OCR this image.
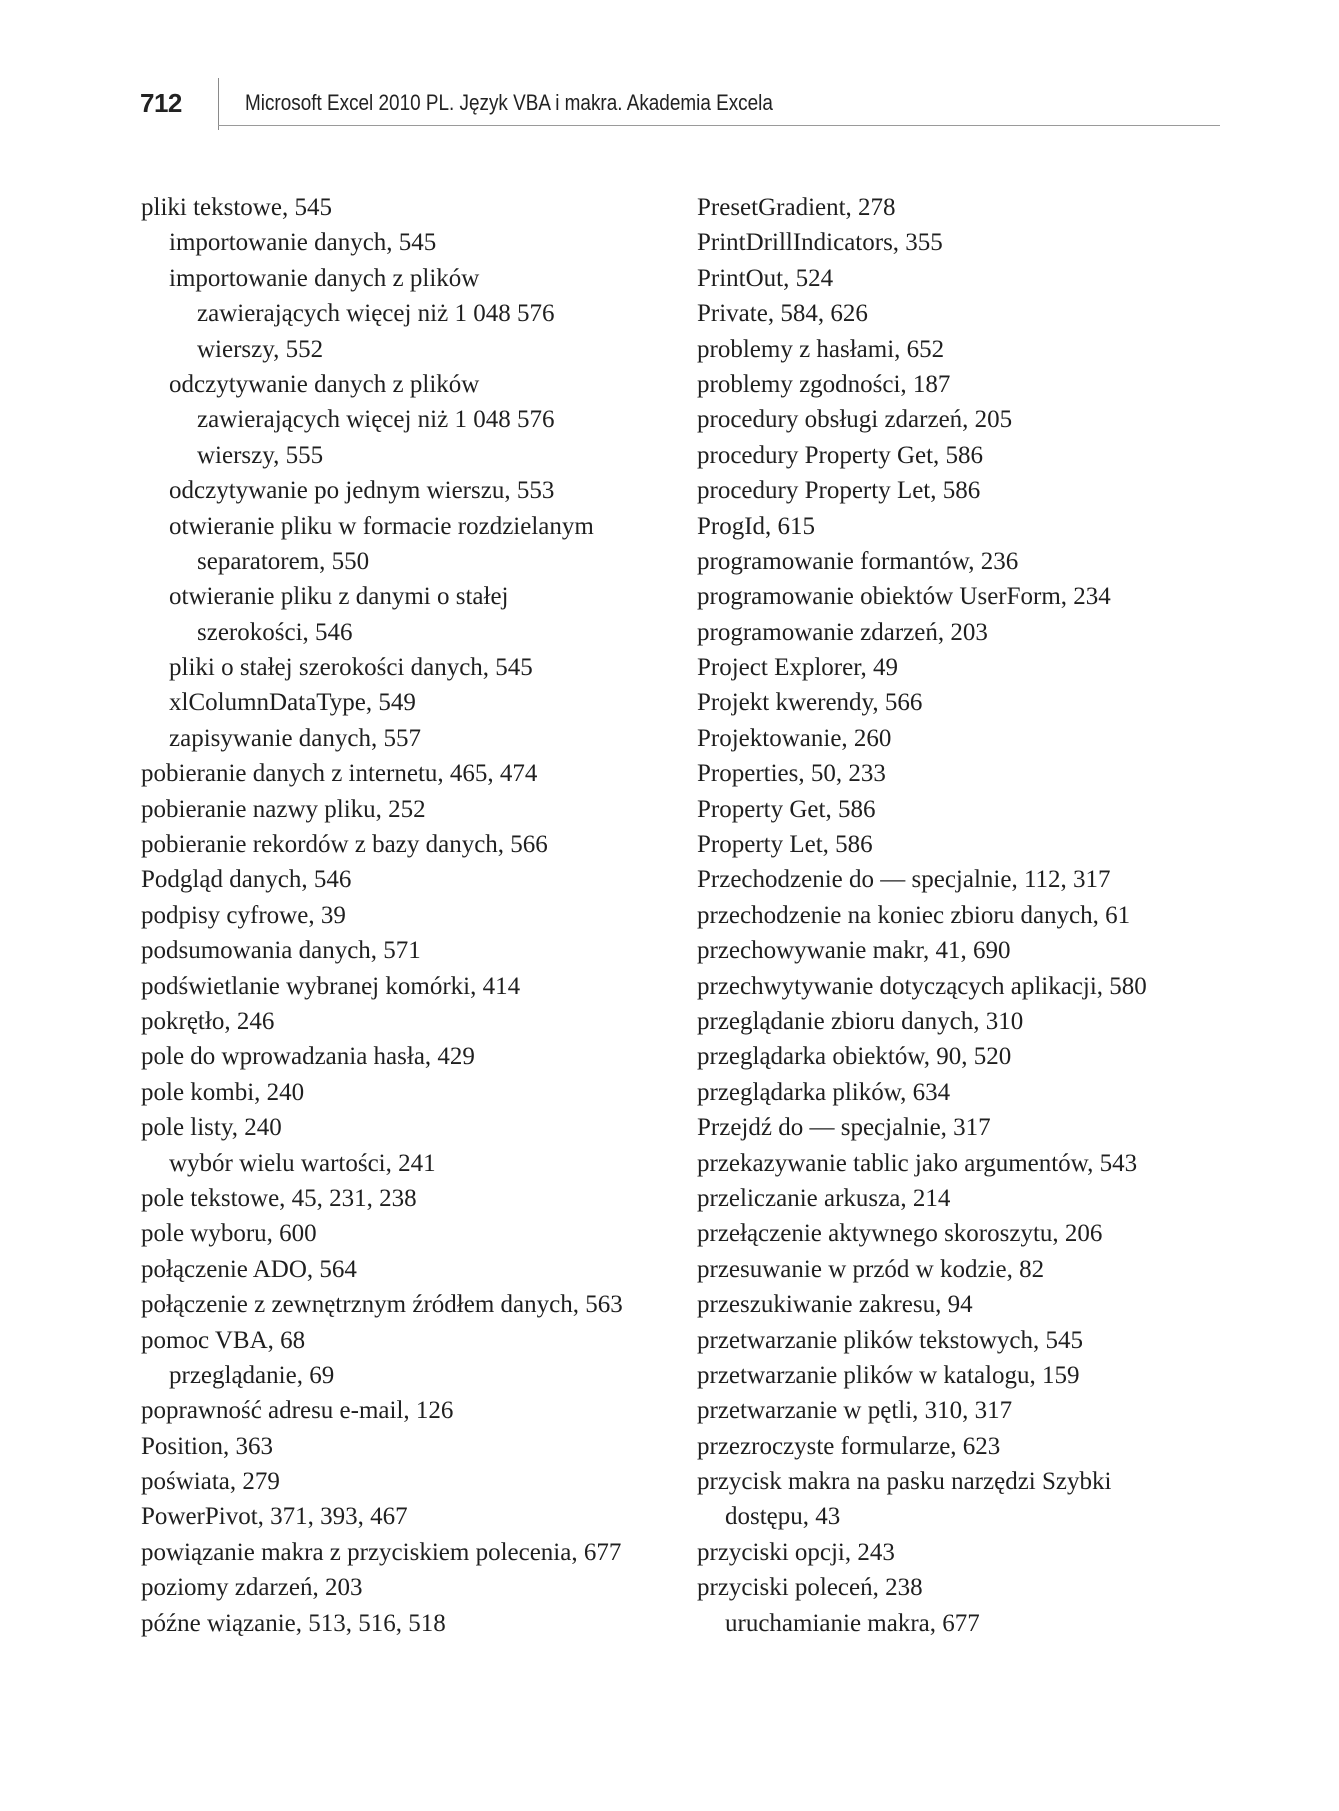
712	Microsoft Excel 2010 PL. Język VBA i makra. Akademia Excela
pliki tekstowe, 545
importowanie danych, 545
importowanie danych z plików
zawierających więcej niż 1 048 576
wierszy, 552
odczytywanie danych z plików
zawierających więcej niż 1 048 576
wierszy, 555
odczytywanie po jednym wierszu, 553
otwieranie pliku w formacie rozdzielanym
separatorem, 550
otwieranie pliku z danymi o stałej
szerokości, 546
pliki o stałej szerokości danych, 545
xlColumnDataType, 549
zapisywanie danych, 557
pobieranie danych z internetu, 465, 474
pobieranie nazwy pliku, 252
pobieranie rekordów z bazy danych, 566
Podgląd danych, 546
podpisy cyfrowe, 39
podsumowania danych, 571
podświetlanie wybranej komórki, 414
pokrętło, 246
pole do wprowadzania hasła, 429
pole kombi, 240
pole listy, 240
wybór wielu wartości, 241
pole tekstowe, 45, 231, 238
pole wyboru, 600
połączenie ADO, 564
połączenie z zewnętrznym źródłem danych, 563
pomoc VBA, 68
przeglądanie, 69
poprawność adresu e-mail, 126
Position, 363
poświata, 279
PowerPivot, 371, 393, 467
powiązanie makra z przyciskiem polecenia, 677
poziomy zdarzeń, 203
późne wiązanie, 513, 516, 518
PresetGradient, 278
PrintDrillIndicators, 355
PrintOut, 524
Private, 584, 626
problemy z hasłami, 652
problemy zgodności, 187
procedury obsługi zdarzeń, 205
procedury Property Get, 586
procedury Property Let, 586
ProgId, 615
programowanie formantów, 236
programowanie obiektów UserForm, 234
programowanie zdarzeń, 203
Project Explorer, 49
Projekt kwerendy, 566
Projektowanie, 260
Properties, 50, 233
Property Get, 586
Property Let, 586
Przechodzenie do — specjalnie, 112, 317
przechodzenie na koniec zbioru danych, 61
przechowywanie makr, 41, 690
przechwytywanie dotyczących aplikacji, 580
przeglądanie zbioru danych, 310
przeglądarka obiektów, 90, 520
przeglądarka plików, 634
Przejdź do — specjalnie, 317
przekazywanie tablic jako argumentów, 543
przeliczanie arkusza, 214
przełączenie aktywnego skoroszytu, 206
przesuwanie w przód w kodzie, 82
przeszukiwanie zakresu, 94
przetwarzanie plików tekstowych, 545
przetwarzanie plików w katalogu, 159
przetwarzanie w pętli, 310, 317
przezroczyste formularze, 623
przycisk makra na pasku narzędzi Szybki
dostępu, 43
przyciski opcji, 243
przyciski poleceń, 238
uruchamianie makra, 677
